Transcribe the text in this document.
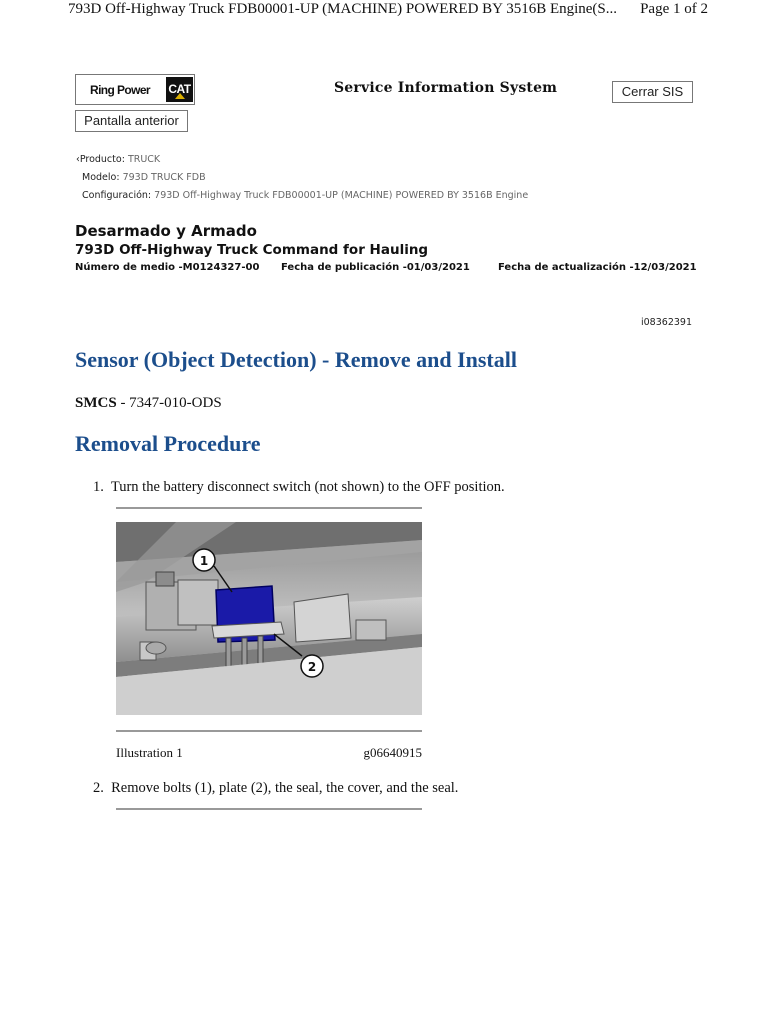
793D Off-Highway Truck FDB00001-UP (MACHINE) POWERED BY 3516B Engine(S... Page 1 of 2
Ring Power CAT
Pantalla anterior
Service Information System	Cerrar SIS
‹Producto: TRUCK
Modelo: 793D TRUCK FDB
Configuración: 793D Off-Highway Truck FDB00001-UP (MACHINE) POWERED BY 3516B Engine
Desarmado y Armado
793D Off-Highway Truck Command for Hauling
Número de medio -M0124327-00 Fecha de publicación -01/03/2021	Fecha de actualización -12/03/2021
i08362391
Sensor (Object Detection) - Remove and Install
SMCS - 7347-010-ODS
Removal Procedure
1. Turn the battery disconnect switch (not shown) to the OFF position.
1
2
Illustration 1	g06640915
2. Remove bolts (1), plate (2), the seal, the cover, and the seal.
